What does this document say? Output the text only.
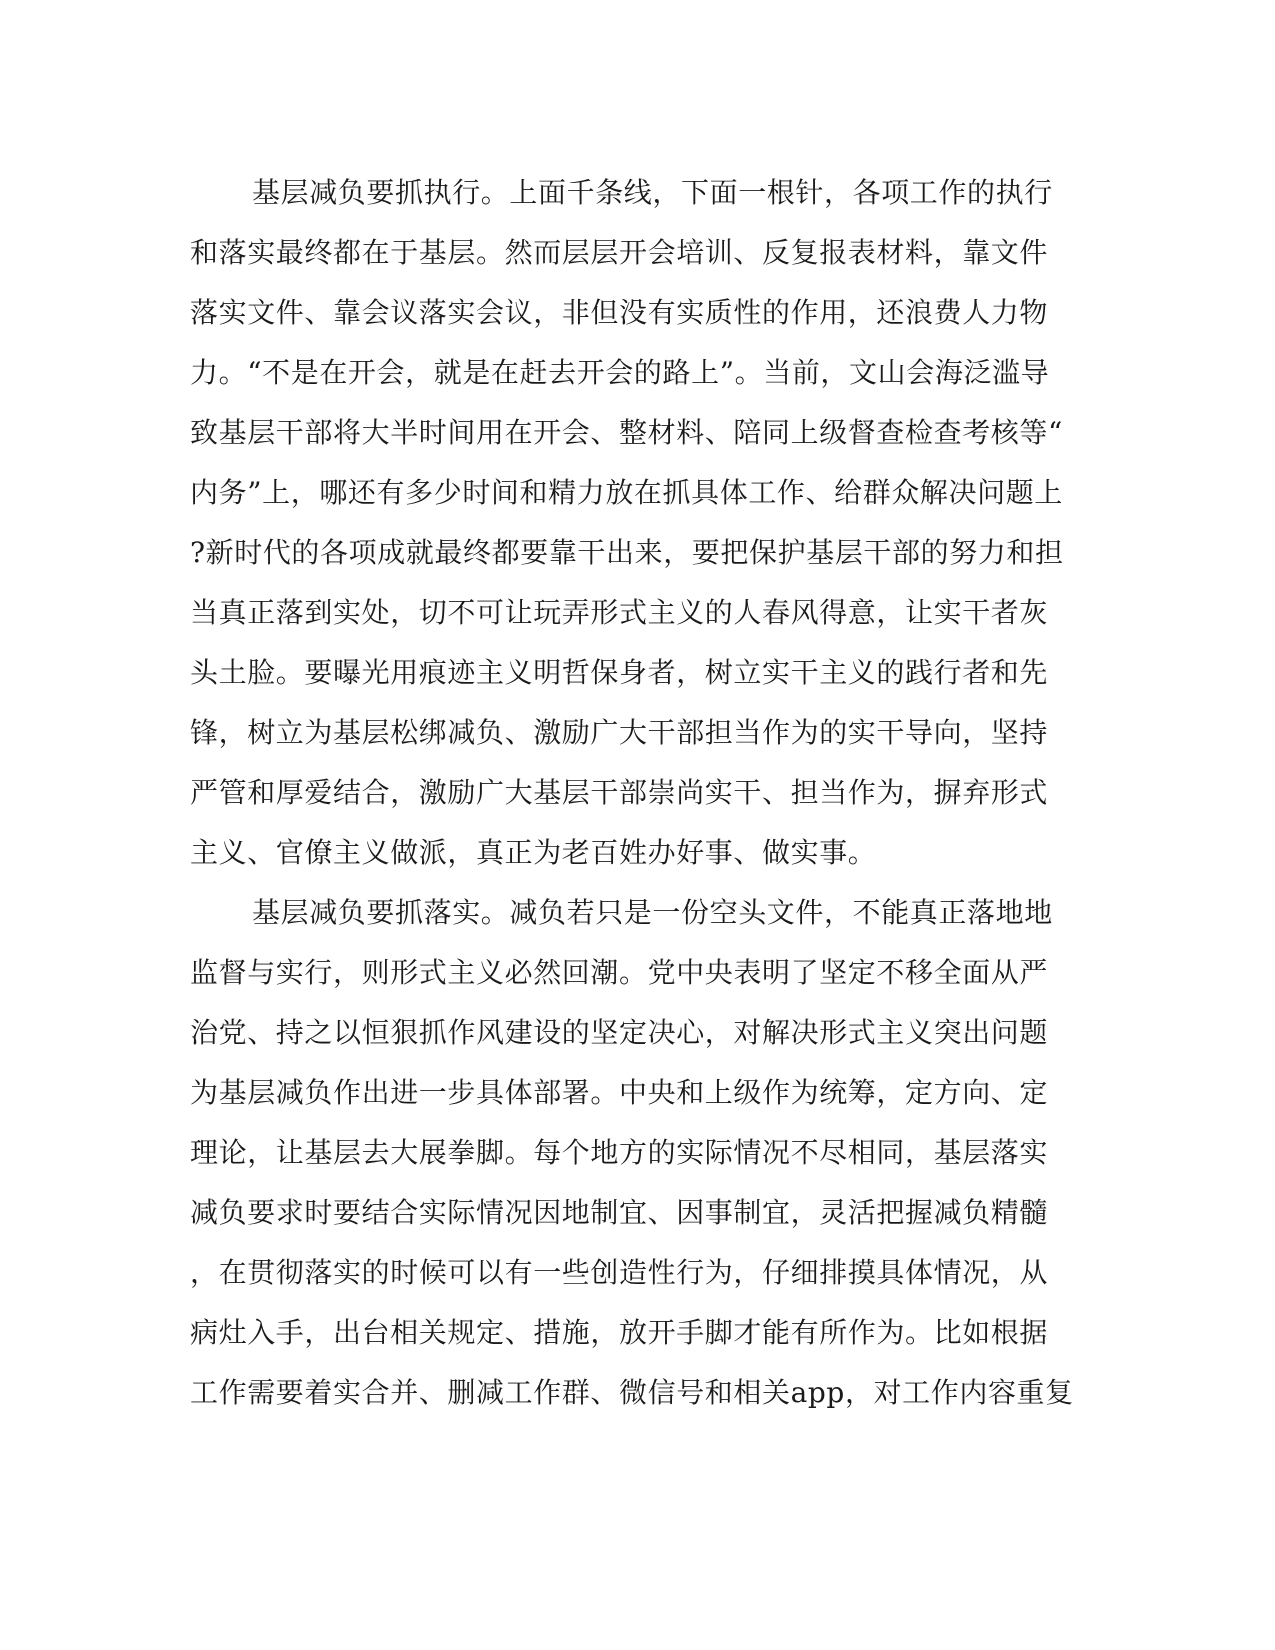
基层减负要抓执行。上面千条线，下面一根针，各项工作的执行
和落实最终都在于基层。然而层层开会培训、反复报表材料，靠文件
落实文件、靠会议落实会议，非但没有实质性的作用，还浪费人力物
力。“不是在开会，就是在赶去开会的路上”。当前，文山会海泛滥导
致基层干部将大半时间用在开会、整材料、陪同上级督查检查考核等“
内务”上，哪还有多少时间和精力放在抓具体工作、给群众解决问题上
?新时代的各项成就最终都要靠干出来，要把保护基层干部的努力和担
当真正落到实处，切不可让玩弄形式主义的人春风得意，让实干者灰
头土脸。要曝光用痕迹主义明哲保身者，树立实干主义的践行者和先
锋，树立为基层松绑减负、激励广大干部担当作为的实干导向，坚持
严管和厚爱结合，激励广大基层干部崇尚实干、担当作为，摒弃形式
主义、官僚主义做派，真正为老百姓办好事、做实事。
基层减负要抓落实。减负若只是一份空头文件，不能真正落地地
监督与实行，则形式主义必然回潮。党中央表明了坚定不移全面从严
治党、持之以恒狠抓作风建设的坚定决心，对解决形式主义突出问题
为基层减负作出进一步具体部署。中央和上级作为统筹，定方向、定
理论，让基层去大展拳脚。每个地方的实际情况不尽相同，基层落实
减负要求时要结合实际情况因地制宜、因事制宜，灵活把握减负精髓
，在贯彻落实的时候可以有一些创造性行为，仔细排摸具体情况，从
病灶入手，出台相关规定、措施，放开手脚才能有所作为。比如根据
工作需要着实合并、删减工作群、微信号和相关app，对工作内容重复
